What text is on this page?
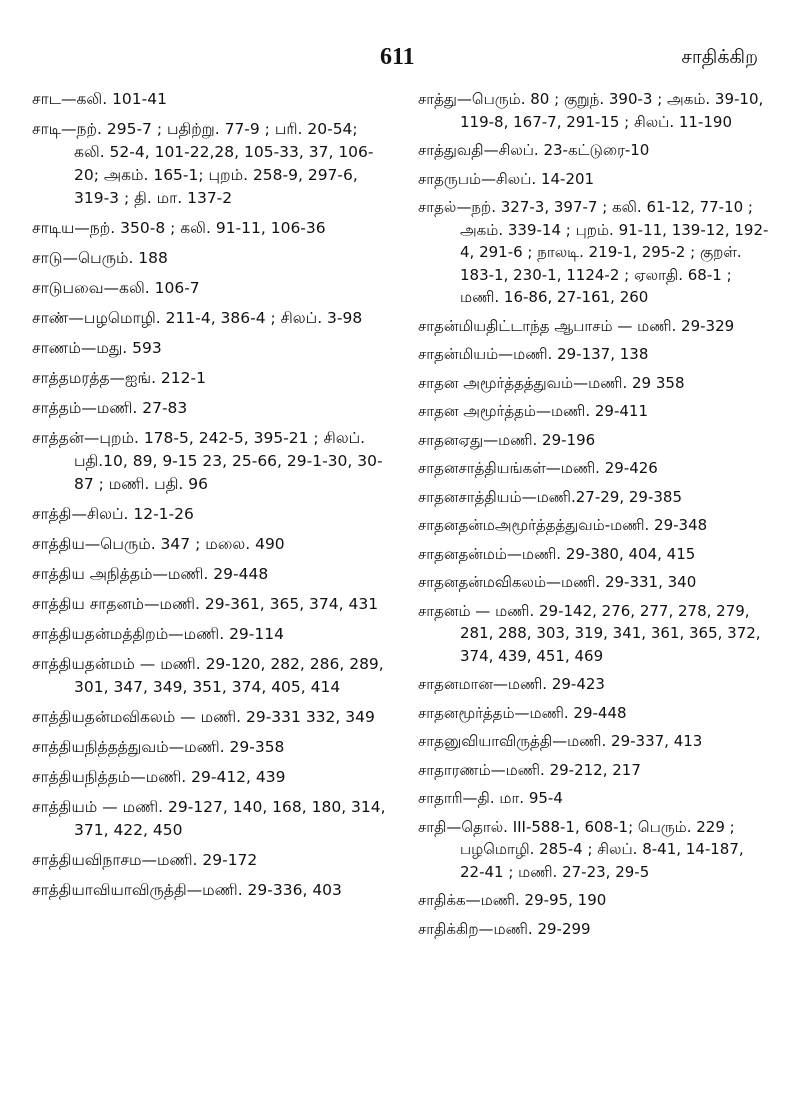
611	சாதிக்கிற
சாட—கலி. 101-41
சாடி—நற். 295-7 ; பதிற்று. 77-9 ; பரி. 20-54; கலி. 52-4, 101-22,28, 105-33, 37, 106-20; அகம். 165-1; புறம். 258-9, 297-6, 319-3 ; தி. மா. 137-2
சாடிய—நற். 350-8 ; கலி. 91-11, 106-36
சாடு—பெரும். 188
சாடுபவை—கலி. 106-7
சாண்—பழமொழி. 211-4, 386-4 ; சிலப். 3-98
சாணம்—மது. 593
சாத்தமரத்த—ஐங். 212-1
சாத்தம்—மணி. 27-83
சாத்தன்—புறம். 178-5, 242-5, 395-21 ; சிலப். பதி.10, 89, 9-15 23, 25-66, 29-1-30, 30-87 ; மணி. பதி. 96
சாத்தி—சிலப். 12-1-26
சாத்திய—பெரும். 347 ; மலை. 490
சாத்திய அநித்தம்—மணி. 29-448
சாத்திய சாதனம்—மணி. 29-361, 365, 374, 431
சாத்தியதன்மத்திறம்—மணி. 29-114
சாத்தியதன்மம் — மணி. 29-120, 282, 286, 289, 301, 347, 349, 351, 374, 405, 414
சாத்தியதன்மவிகலம் — மணி. 29-331 332, 349
சாத்தியநித்தத்துவம்—மணி. 29-358
சாத்தியநித்தம்—மணி. 29-412, 439
சாத்தியம் — மணி. 29-127, 140, 168, 180, 314, 371, 422, 450
சாத்தியவிநாசம—மணி. 29-172
சாத்தியாவியாவிருத்தி—மணி. 29-336, 403
சாத்து—பெரும். 80 ; குறுந். 390-3 ; அகம். 39-10, 119-8, 167-7, 291-15 ; சிலப். 11-190
சாத்துவதி—சிலப். 23-கட்டுரை-10
சாதருபம்—சிலப். 14-201
சாதல்—நற். 327-3, 397-7 ; கலி. 61-12, 77-10 ; அகம். 339-14 ; புறம். 91-11, 139-12, 192-4, 291-6 ; நாலடி. 219-1, 295-2 ; குறள். 183-1, 230-1, 1124-2 ; ஏலாதி. 68-1 ; மணி. 16-86, 27-161, 260
சாதன்மியதிட்டாந்த ஆபாசம் — மணி. 29-329
சாதன்மியம்—மணி. 29-137, 138
சாதன அமூர்த்தத்துவம்—மணி. 29 358
சாதன அமூர்த்தம்—மணி. 29-411
சாதனஏது—மணி. 29-196
சாதனசாத்தியங்கள்—மணி. 29-426
சாதனசாத்தியம்—மணி.27-29, 29-385
சாதனதன்மஅமூர்த்தத்துவம்-மணி. 29-348
சாதனதன்மம்—மணி. 29-380, 404, 415
சாதனதன்மவிகலம்—மணி. 29-331, 340
சாதனம் — மணி. 29-142, 276, 277, 278, 279, 281, 288, 303, 319, 341, 361, 365, 372, 374, 439, 451, 469
சாதனமான—மணி. 29-423
சாதனமூர்த்தம்—மணி. 29-448
சாதனுவியாவிருத்தி—மணி. 29-337, 413
சாதாரணம்—மணி. 29-212, 217
சாதாரி—தி. மா. 95-4
சாதி—தொல். III-588-1, 608-1; பெரும். 229 ; பழமொழி. 285-4 ; சிலப். 8-41, 14-187, 22-41 ; மணி. 27-23, 29-5
சாதிக்க—மணி. 29-95, 190
சாதிக்கிற—மணி. 29-299
